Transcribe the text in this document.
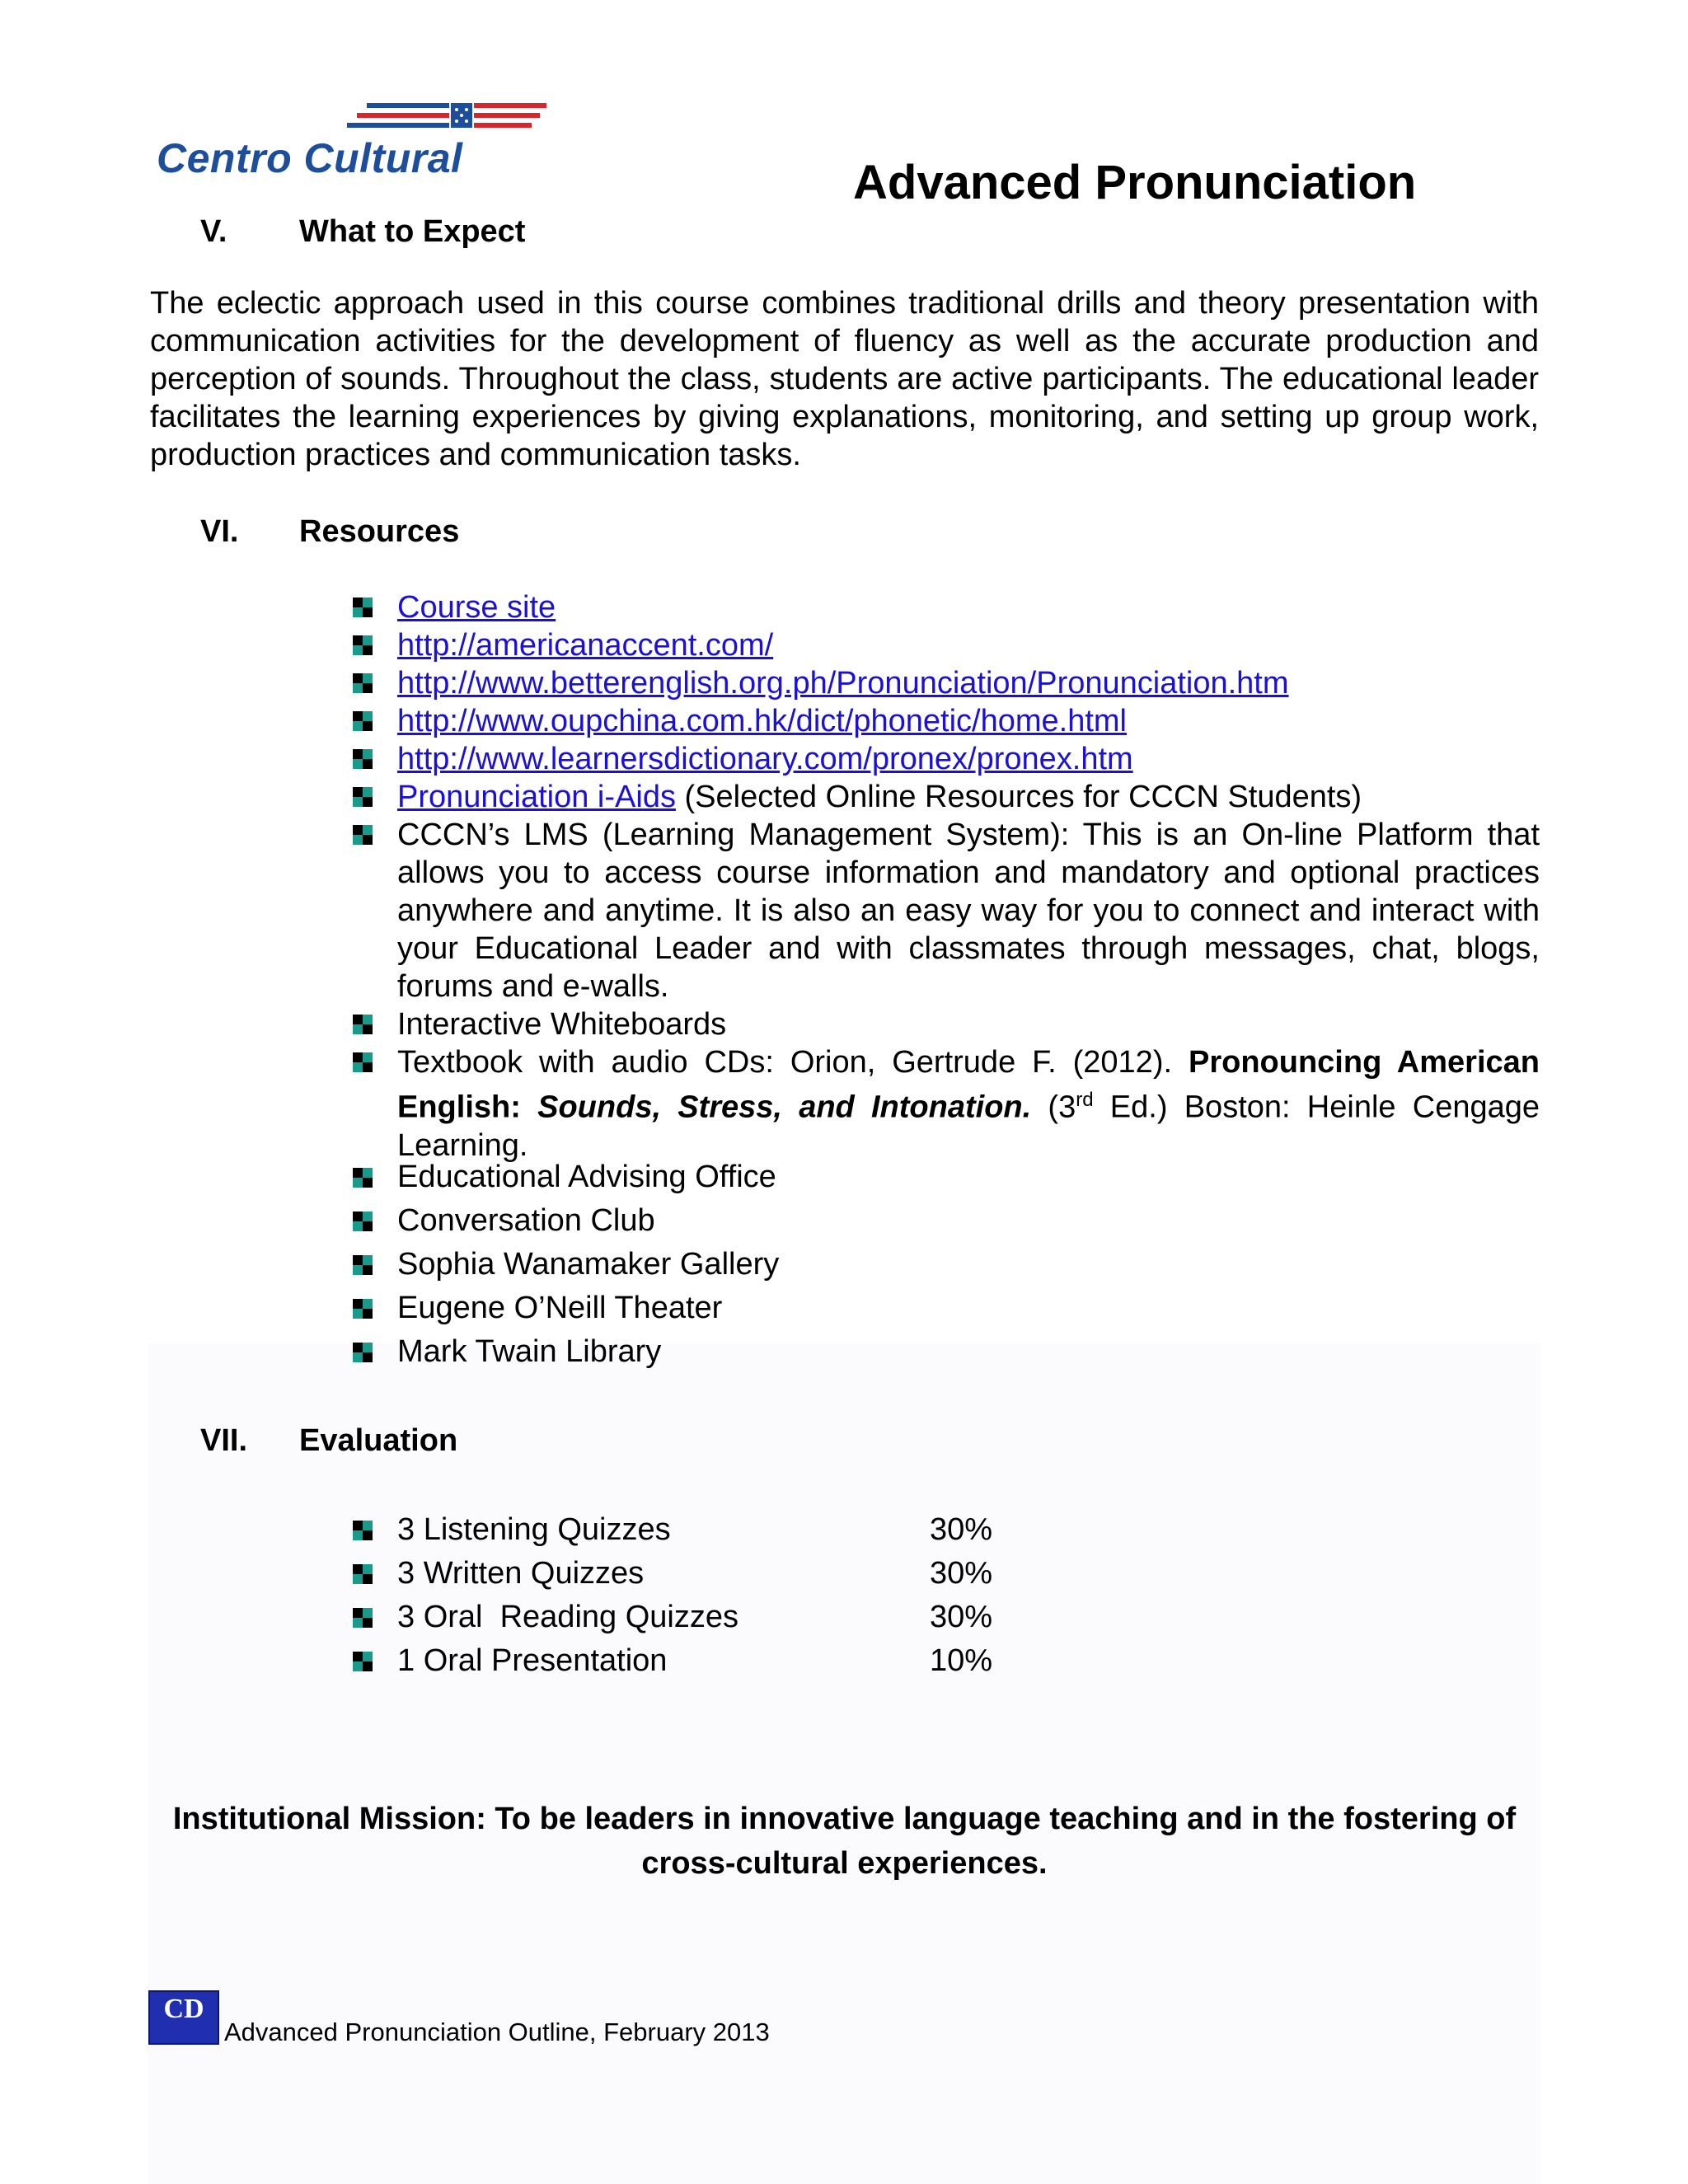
Centro Cultural	Advanced Pronunciation
V. What to Expect
The eclectic approach used in this course combines traditional drills and theory presentation with communication activities for the development of fluency as well as the accurate production and perception of sounds. Throughout the class, students are active participants. The educational leader facilitates the learning experiences by giving explanations, monitoring, and setting up group work, production practices and communication tasks.
VI. Resources
Course site
http://americanaccent.com/
http://www.betterenglish.org.ph/Pronunciation/Pronunciation.htm
http://www.oupchina.com.hk/dict/phonetic/home.html
http://www.learnersdictionary.com/pronex/pronex.htm
Pronunciation i-Aids (Selected Online Resources for CCCN Students)
CCCN’s LMS (Learning Management System): This is an On-line Platform that allows you to access course information and mandatory and optional practices anywhere and anytime. It is also an easy way for you to connect and interact with your Educational Leader and with classmates through messages, chat, blogs, forums and e-walls.
Interactive Whiteboards
Textbook with audio CDs: Orion, Gertrude F. (2012). Pronouncing American English: Sounds, Stress, and Intonation. (3rd Ed.) Boston: Heinle Cengage Learning.
Educational Advising Office
Conversation Club
Sophia Wanamaker Gallery
Eugene O’Neill Theater
Mark Twain Library
VII. Evaluation
3 Listening Quizzes	30%
3 Written Quizzes	30%
3 Oral  Reading Quizzes	30%
1 Oral Presentation	10%
Institutional Mission: To be leaders in innovative language teaching and in the fostering of cross-cultural experiences.
CD
Advanced Pronunciation Outline, February 2013
